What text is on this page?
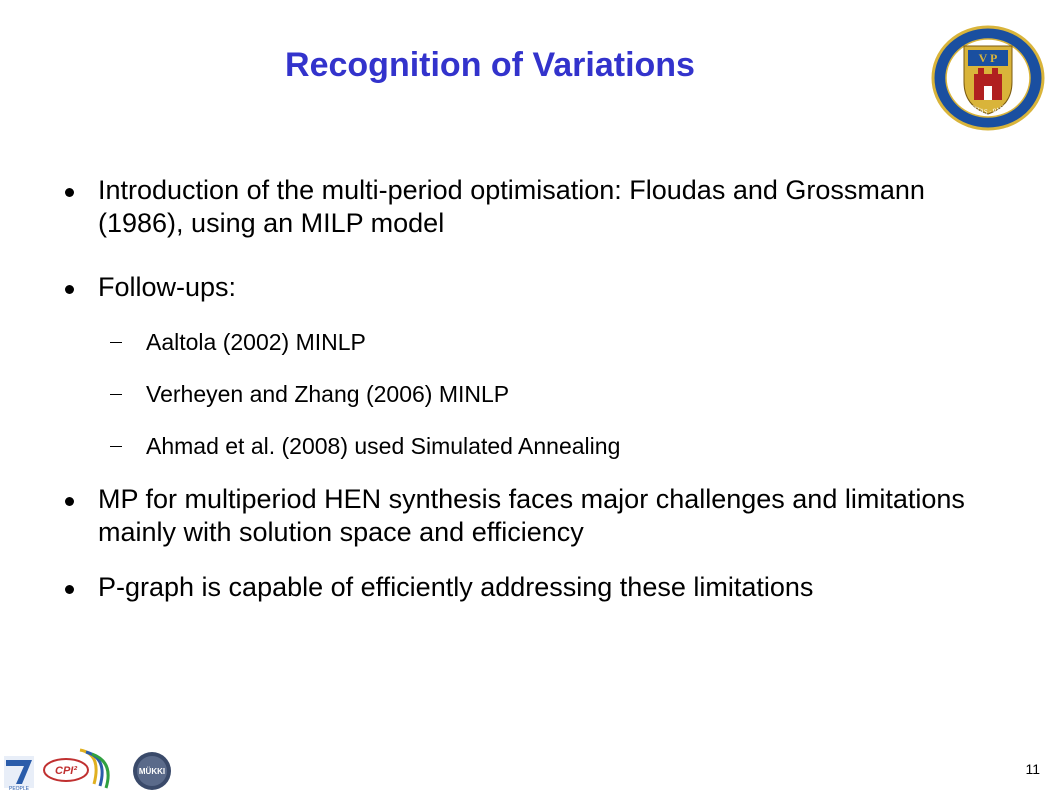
Recognition of Variations	V P
UNIVERSITAS · PANNONICA
Introduction of the multi-period optimisation: Floudas and Grossmann (1986), using an MILP model
Follow-ups:
Aaltola (2002) MINLP
Verheyen and Zhang (2006) MINLP
Ahmad et al. (2008) used Simulated Annealing
MP for multiperiod HEN synthesis faces major challenges and limitations mainly with solution space and efficiency
P-graph is capable of efficiently addressing these limitations
PEOPLE
CPI²	MÜKKI	11
